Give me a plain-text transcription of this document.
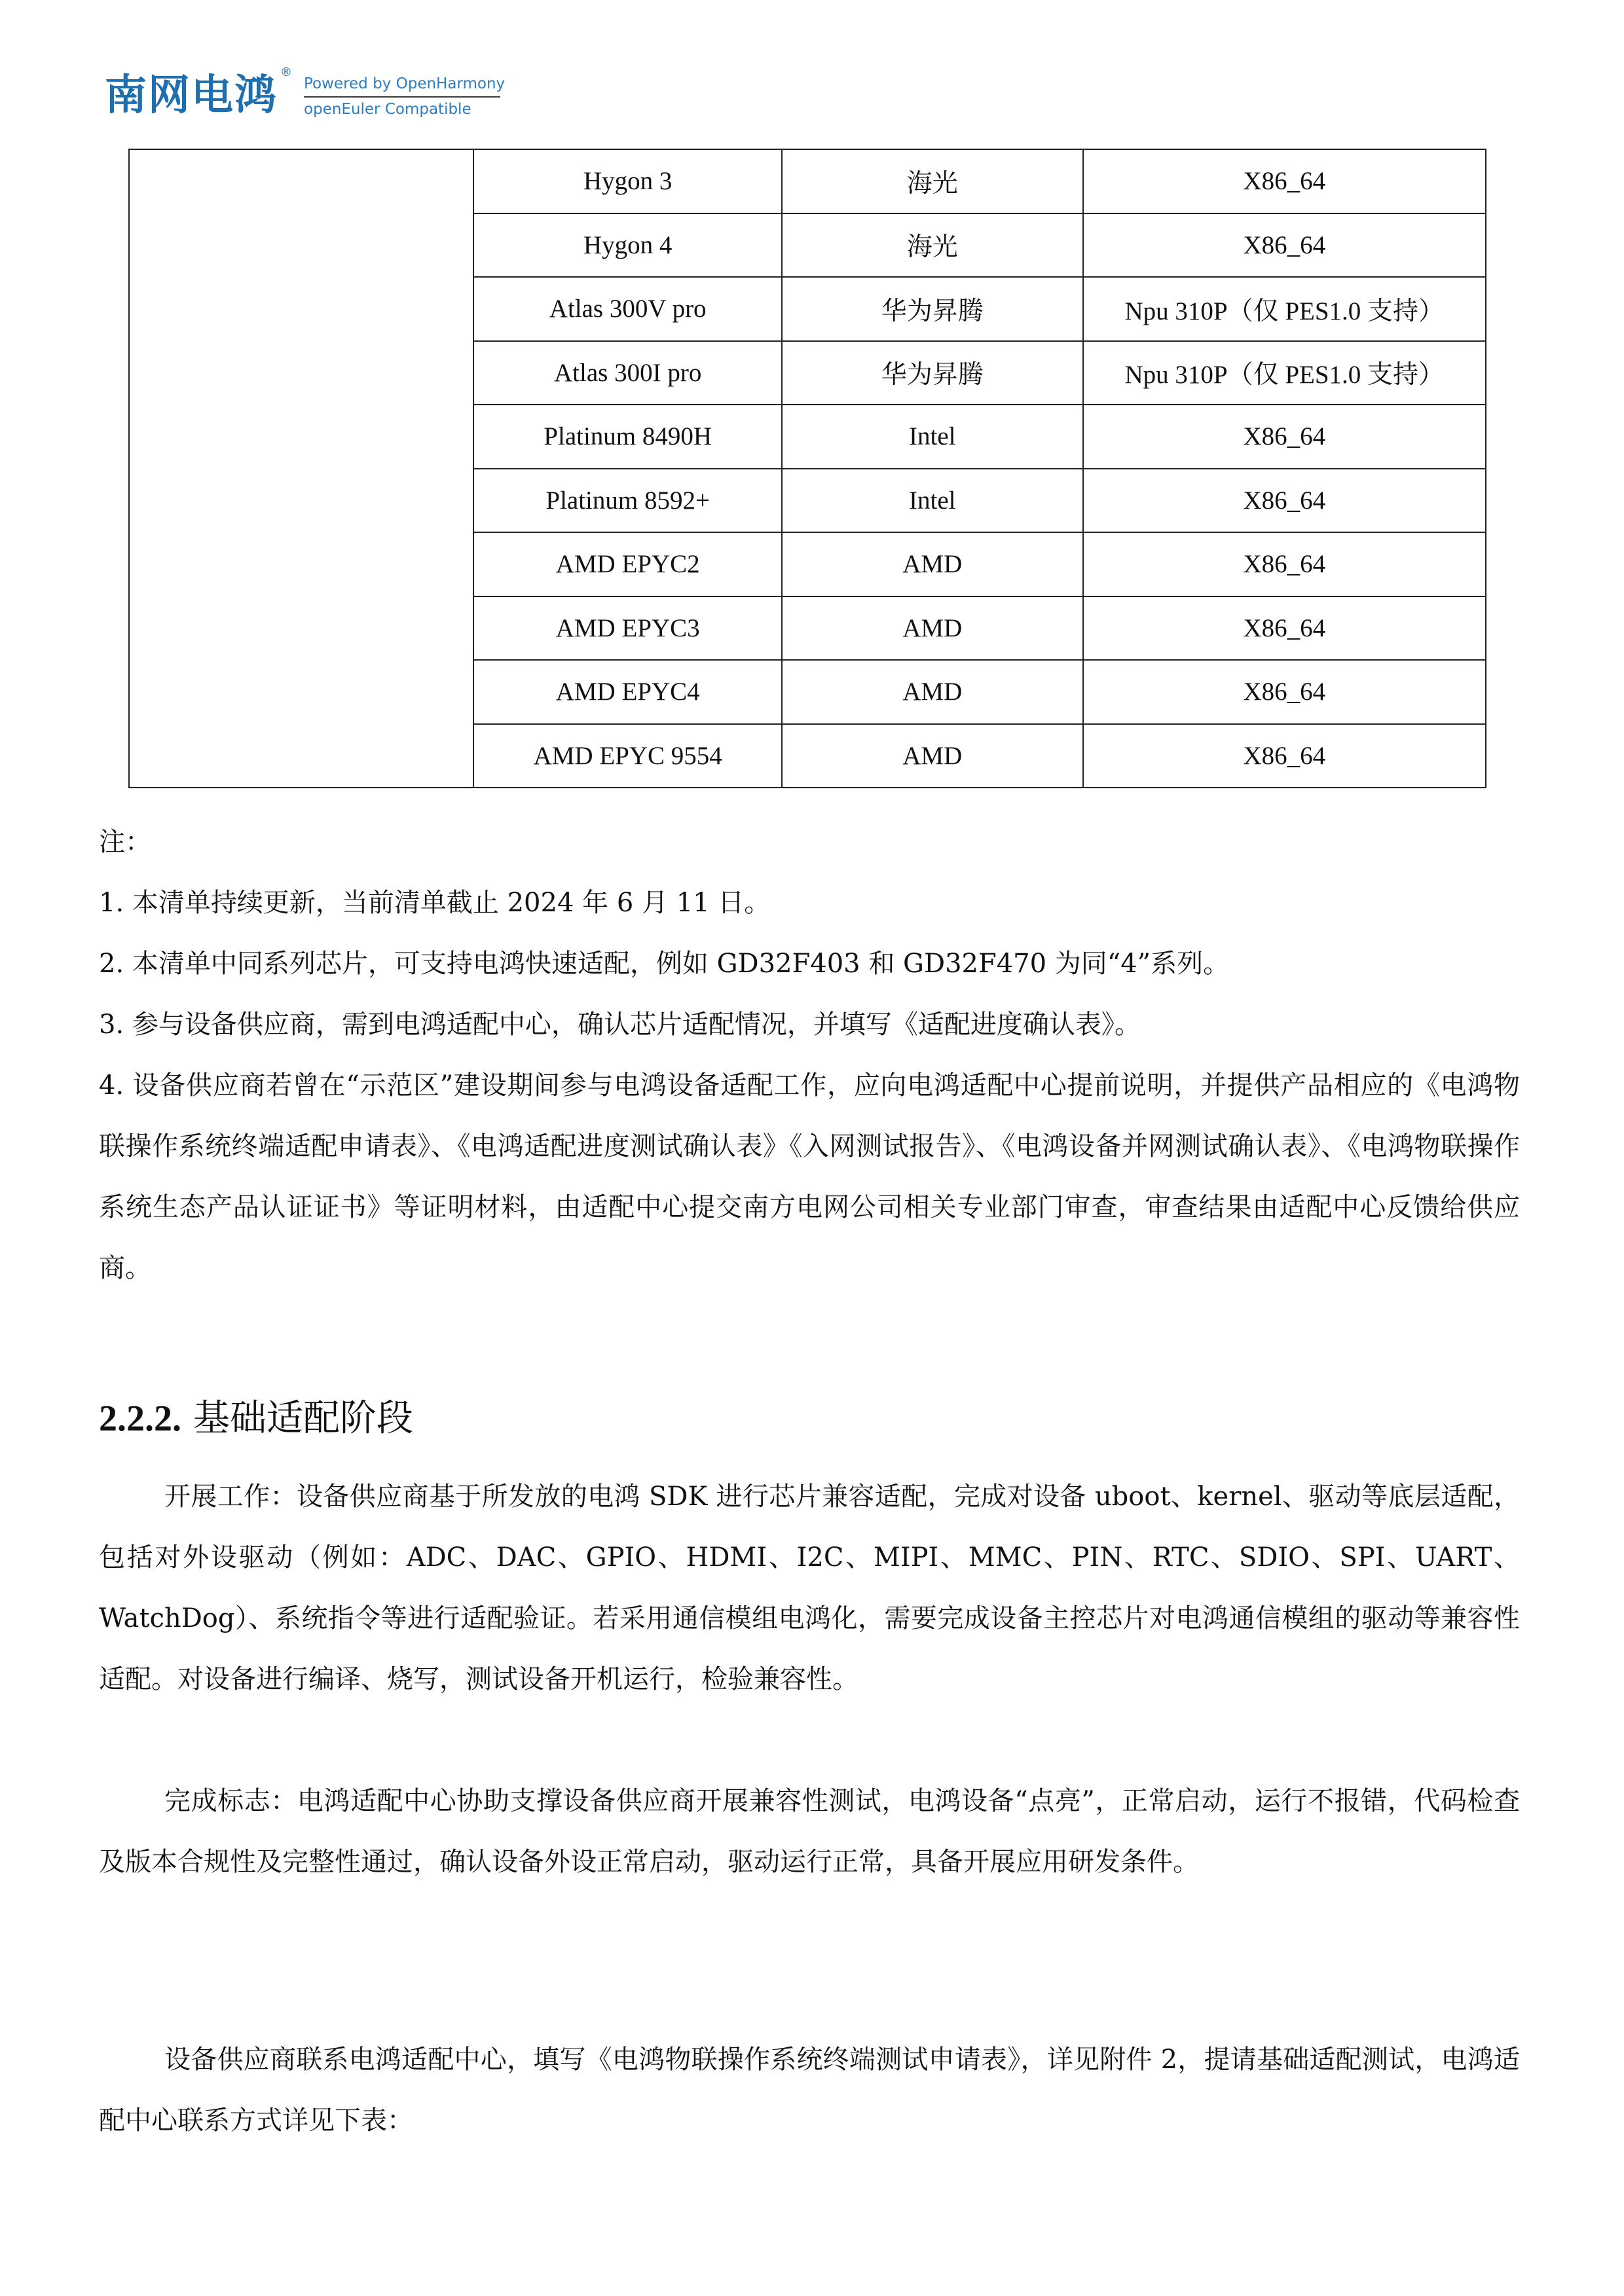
南网电鸿 ®
Powered by OpenHarmony
openEuler Compatible
	Hygon 3	海光	X86_64
	Hygon 4	海光	X86_64
	Atlas 300V pro	华为昇腾	Npu 310P（仅 PES1.0 支持）
	Atlas 300I pro	华为昇腾	Npu 310P（仅 PES1.0 支持）
	Platinum 8490H	Intel	X86_64
	Platinum 8592+	Intel	X86_64
	AMD EPYC2	AMD	X86_64
	AMD EPYC3	AMD	X86_64
	AMD EPYC4	AMD	X86_64
	AMD EPYC 9554	AMD	X86_64

注：

1. 本清单持续更新，当前清单截止 2024 年 6 月 11 日。

2. 本清单中同系列芯片，可支持电鸿快速适配，例如 GD32F403 和 GD32F470 为同“4”系列。

3. 参与设备供应商，需到电鸿适配中心，确认芯片适配情况，并填写《适配进度确认表》。

4. 设备供应商若曾在“示范区”建设期间参与电鸿设备适配工作，应向电鸿适配中心提前说明，并提供产品相应的《电鸿物联操作系统终端适配申请表》、《电鸿适配进度测试确认表》《入网测试报告》、《电鸿设备并网测试确认表》、《电鸿物联操作系统生态产品认证证书》等证明材料，由适配中心提交南方电网公司相关专业部门审查，审查结果由适配中心反馈给供应商。

2.2.2. 基础适配阶段

开展工作：设备供应商基于所发放的电鸿 SDK 进行芯片兼容适配，完成对设备 uboot、kernel、驱动等底层适配，包括对外设驱动（例如：ADC、DAC、GPIO、HDMI、I2C、MIPI、MMC、PIN、RTC、SDIO、SPI、UART、WatchDog）、系统指令等进行适配验证。若采用通信模组电鸿化，需要完成设备主控芯片对电鸿通信模组的驱动等兼容性适配。对设备进行编译、烧写，测试设备开机运行，检验兼容性。

完成标志：电鸿适配中心协助支撑设备供应商开展兼容性测试，电鸿设备“点亮”，正常启动，运行不报错，代码检查及版本合规性及完整性通过，确认设备外设正常启动，驱动运行正常，具备开展应用研发条件。

设备供应商联系电鸿适配中心，填写《电鸿物联操作系统终端测试申请表》，详见附件 2，提请基础适配测试，电鸿适配中心联系方式详见下表：
